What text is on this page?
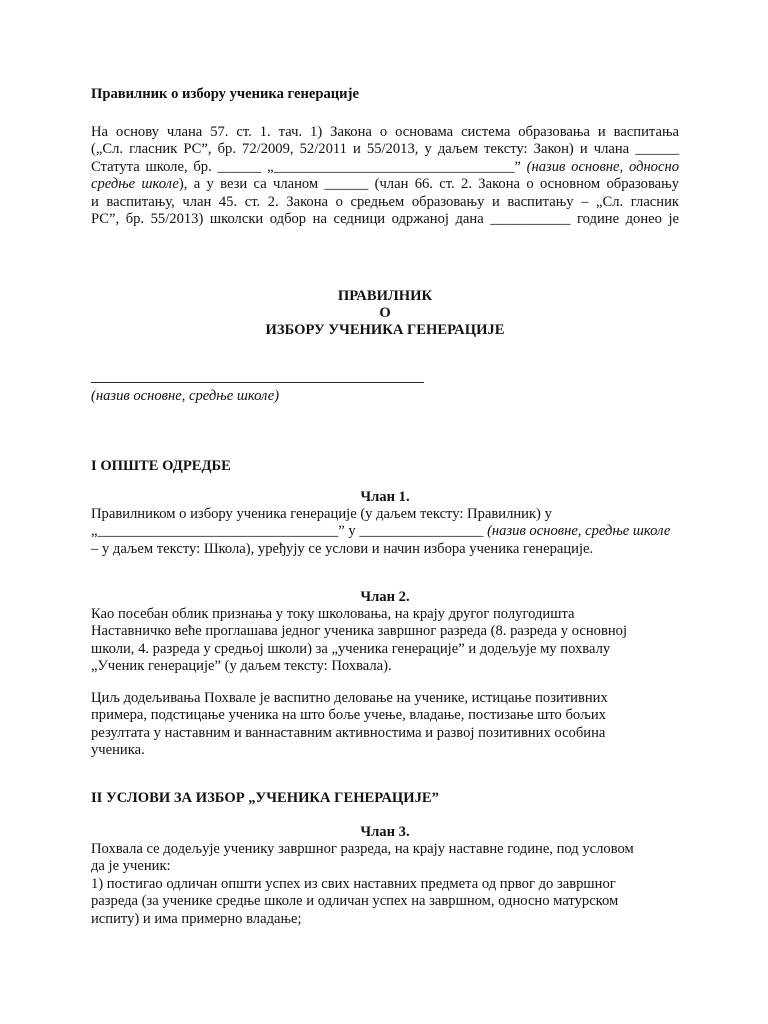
Правилник о избору ученика генерације
На основу члана 57. ст. 1. тач. 1) Закона о основама система образовања и васпитања
(„Сл. гласник РС”, бр. 72/2009, 52/2011 и 55/2013, у даљем тексту: Закон) и члана ______
Статута школе, бр. ______ „_________________________________” (назив основне, односно
средње школе), а у вези са чланом ______ (члан 66. ст. 2. Закона о основном образовању
и васпитању, члан 45. ст. 2. Закона о средњем образовању и васпитању – „Сл. гласник
РС”, бр. 55/2013) школски одбор на седници одржаној дана ___________ године донео је
ПРАВИЛНИК
О
ИЗБОРУ УЧЕНИКА ГЕНЕРАЦИЈЕ
(назив основне, средње школе)
I ОПШТЕ ОДРЕДБЕ
Члан 1.
Правилником о избору ученика генерације (у даљем тексту: Правилник) у
„_________________________________” у _________________ (назив основне, средње школе
– у даљем тексту: Школа), уређују се услови и начин избора ученика генерације.
Члан 2.
Као посебан облик признања у току школовања, на крају другог полугодишта
Наставничко веће проглашава једног ученика завршног разреда (8. разреда у основној
школи, 4. разреда у средњој школи) за „ученика генерације” и додељује му похвалу
„Ученик генерације” (у даљем тексту: Похвала).
Циљ додељивања Похвале је васпитно деловање на ученике, истицање позитивних
примера, подстицање ученика на што боље учење, владање, постизање што бољих
резултата у наставним и ваннаставним активностима и развој позитивних особина
ученика.
II УСЛОВИ ЗА ИЗБОР „УЧЕНИКА ГЕНЕРАЦИЈЕ”
Члан 3.
Похвала се додељује ученику завршног разреда, на крају наставне године, под условом
да је ученик:
1) постигао одличан општи успех из свих наставних предмета од првог до завршног
разреда (за ученике средње школе и одличан успех на завршном, односно матурском
испиту) и има примерно владање;
